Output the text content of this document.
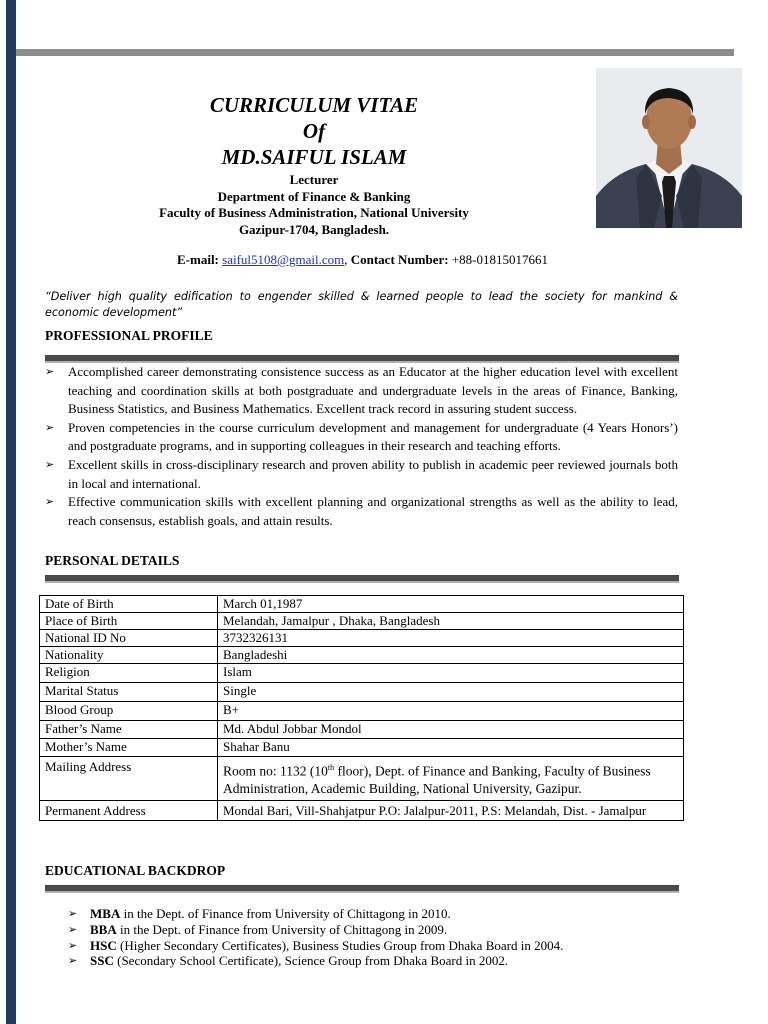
CURRICULUM VITAE
Of
MD.SAIFUL ISLAM
Lecturer
Department of Finance & Banking
Faculty of Business Administration, National University
Gazipur-1704, Bangladesh.
E-mail: saiful5108@gmail.com, Contact Number: +88-01815017661

“Deliver high quality edification to engender skilled & learned people to lead the society for mankind & economic development”

PROFESSIONAL PROFILE
➢ Accomplished career demonstrating consistence success as an Educator at the higher education level with excellent teaching and coordination skills at both postgraduate and undergraduate levels in the areas of Finance, Banking, Business Statistics, and Business Mathematics. Excellent track record in assuring student success.
➢ Proven competencies in the course curriculum development and management for undergraduate (4 Years Honors’) and postgraduate programs, and in supporting colleagues in their research and teaching efforts.
➢ Excellent skills in cross-disciplinary research and proven ability to publish in academic peer reviewed journals both in local and international.
➢ Effective communication skills with excellent planning and organizational strengths as well as the ability to lead, reach consensus, establish goals, and attain results.
PERSONAL DETAILS
Date of Birth	March 01,1987
Place of Birth	Melandah, Jamalpur , Dhaka, Bangladesh
National ID No	3732326131
Nationality	Bangladeshi
Religion	Islam
Marital Status	Single
Blood Group	B+
Father’s Name	Md. Abdul Jobbar Mondol
Mother’s Name	Shahar Banu
Mailing Address	Room no: 1132 (10th floor), Dept. of Finance and Banking, Faculty of Business Administration, Academic Building, National University, Gazipur.
Permanent Address	Mondal Bari, Vill-Shahjatpur P.O: Jalalpur-2011, P.S: Melandah, Dist. - Jamalpur
EDUCATIONAL BACKDROP
➢ MBA in the Dept. of Finance from University of Chittagong in 2010.
➢ BBA in the Dept. of Finance from University of Chittagong in 2009.
➢ HSC (Higher Secondary Certificates), Business Studies Group from Dhaka Board in 2004.
➢ SSC (Secondary School Certificate), Science Group from Dhaka Board in 2002.
